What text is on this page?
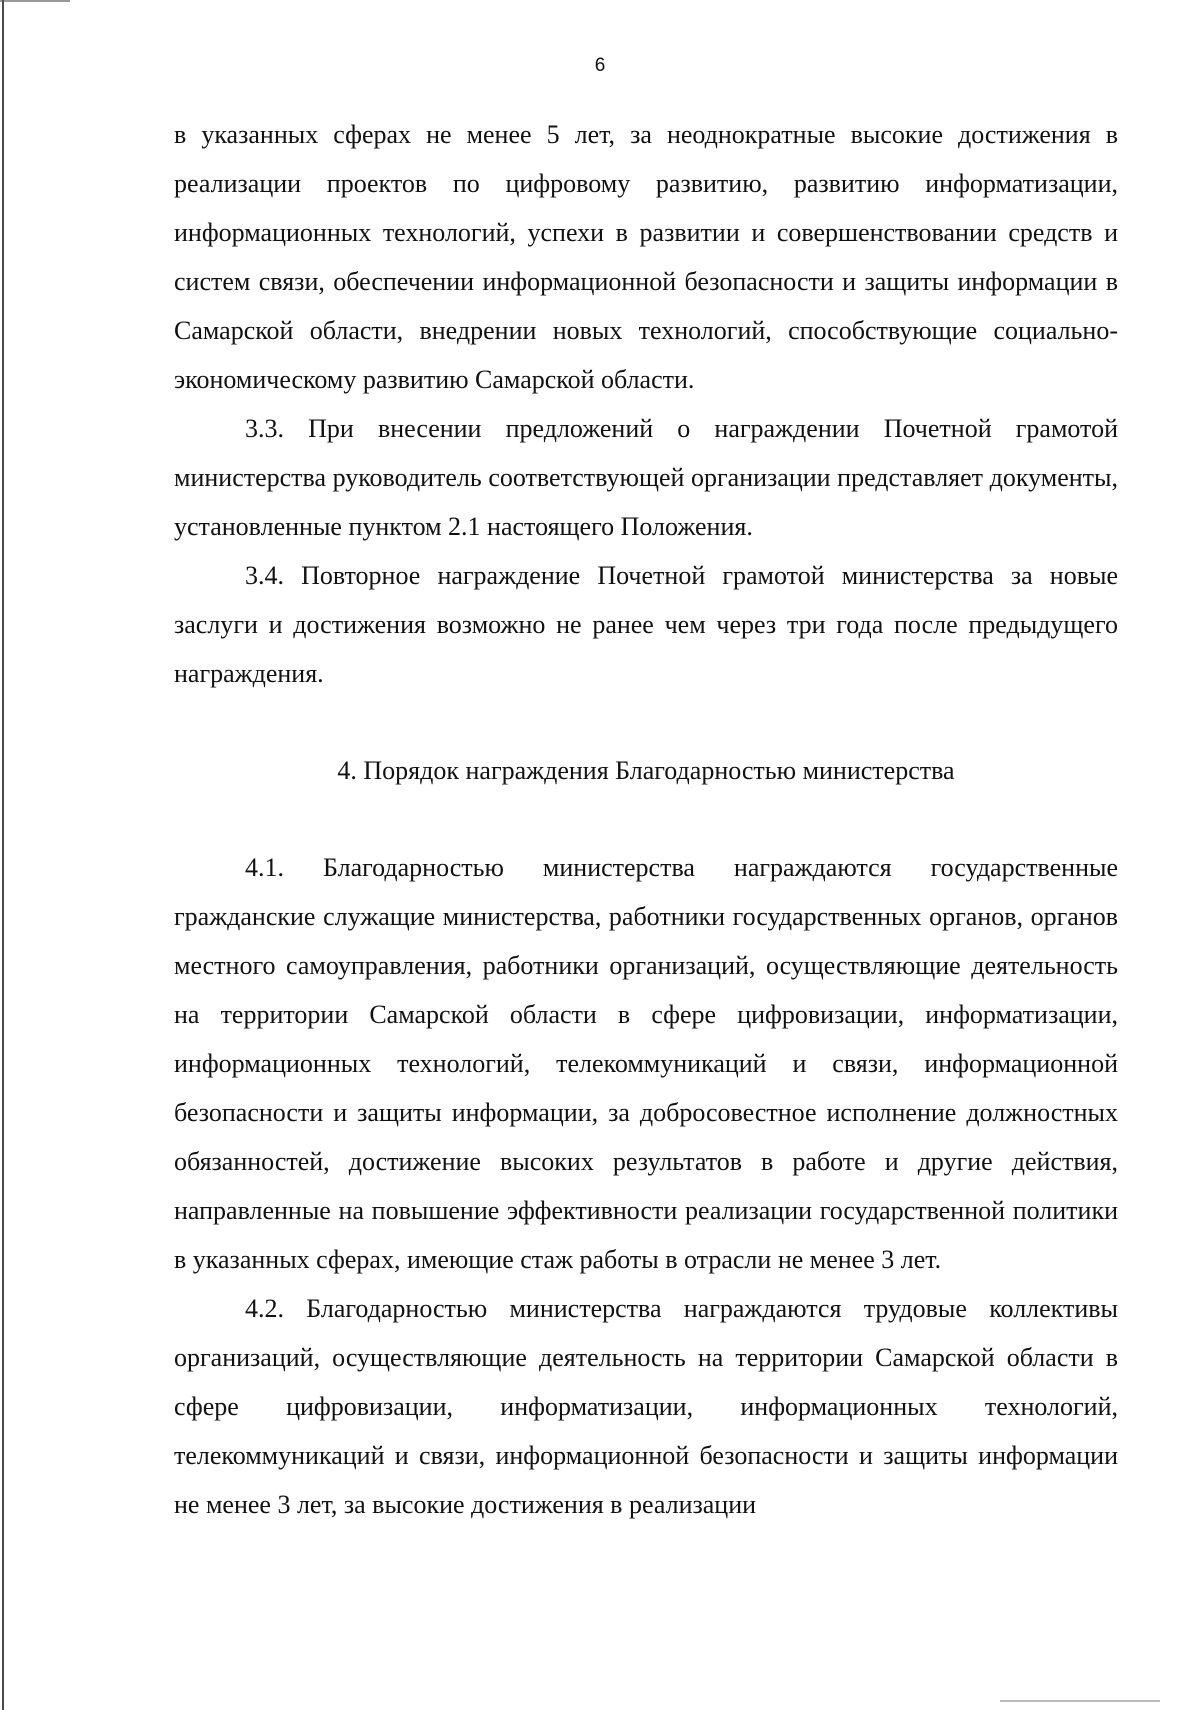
6

в указанных сферах не менее 5 лет, за неоднократные высокие достижения в реализации проектов по цифровому развитию, развитию информатизации, информационных технологий, успехи в развитии и совершенствовании средств и систем связи, обеспечении информационной безопасности и защиты информации в Самарской области, внедрении новых технологий, способствующие социально-экономическому развитию Самарской области.

3.3. При внесении предложений о награждении Почетной грамотой министерства руководитель соответствующей организации представляет документы, установленные пунктом 2.1 настоящего Положения.

3.4. Повторное награждение Почетной грамотой министерства за новые заслуги и достижения возможно не ранее чем через три года после предыдущего награждения.

4. Порядок награждения Благодарностью министерства

4.1. Благодарностью министерства награждаются государственные гражданские служащие министерства, работники государственных органов, органов местного самоуправления, работники организаций, осуществляющие деятельность на территории Самарской области в сфере цифровизации, информатизации, информационных технологий, телекоммуникаций и связи, информационной безопасности и защиты информации, за добросовестное исполнение должностных обязанностей, достижение высоких результатов в работе и другие действия, направленные на повышение эффективности реализации государственной политики в указанных сферах, имеющие стаж работы в отрасли не менее 3 лет.

4.2. Благодарностью министерства награждаются трудовые коллективы организаций, осуществляющие деятельность на территории Самарской области в сфере цифровизации, информатизации, информационных технологий, телекоммуникаций и связи, информационной безопасности и защиты информации не менее 3 лет, за высокие достижения в реализации
